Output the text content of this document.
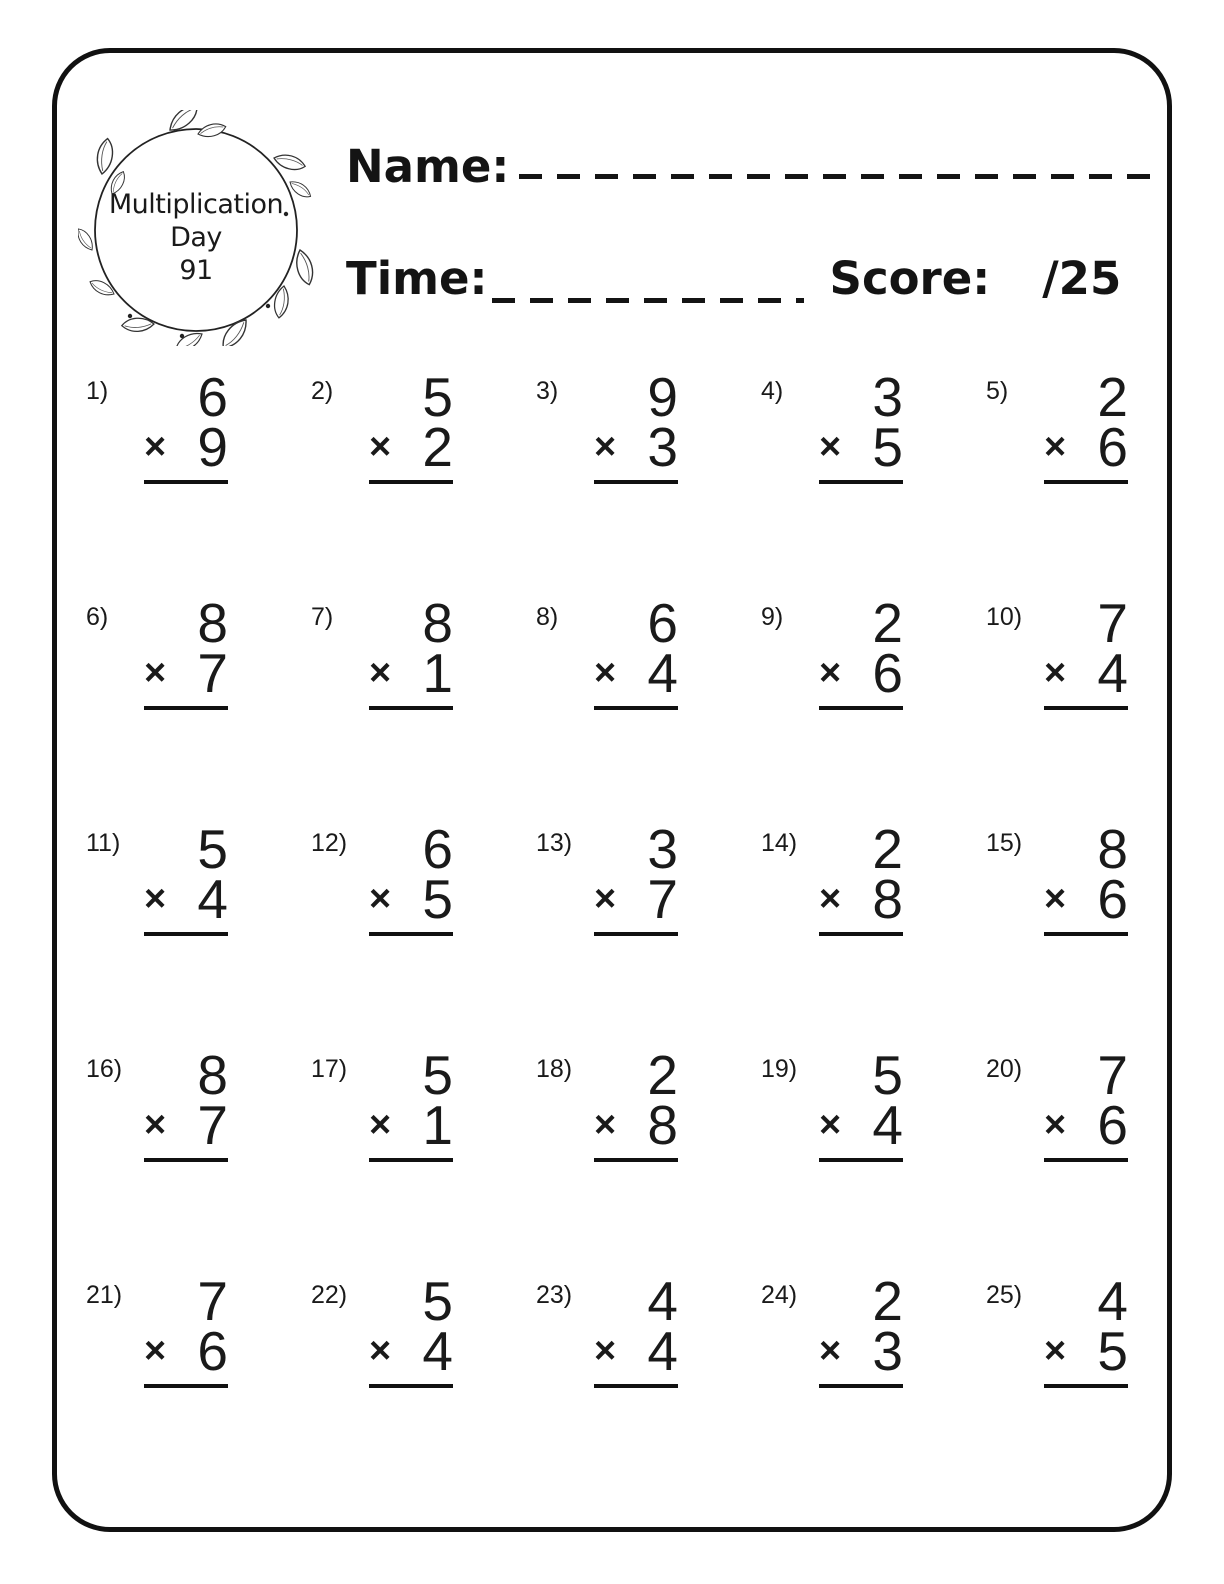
Multiplication
Day
91
Name:
Time:	Score: /25
1)	6
× 9
2)	5
× 2
3)	9
× 3
4)	3
× 5
5)	2
× 6
6)	8
× 7
7)	8
× 1
8)	6
× 4
9)	2
× 6
10)	7
× 4
11)	5
× 4
12)	6
× 5
13)	3
× 7
14)	2
× 8
15)	8
× 6
16)	8
× 7
17)	5
× 1
18)	2
× 8
19)	5
× 4
20)	7
× 6
21)	7
× 6
22)	5
× 4
23)	4
× 4
24)	2
× 3
25)	4
× 5
